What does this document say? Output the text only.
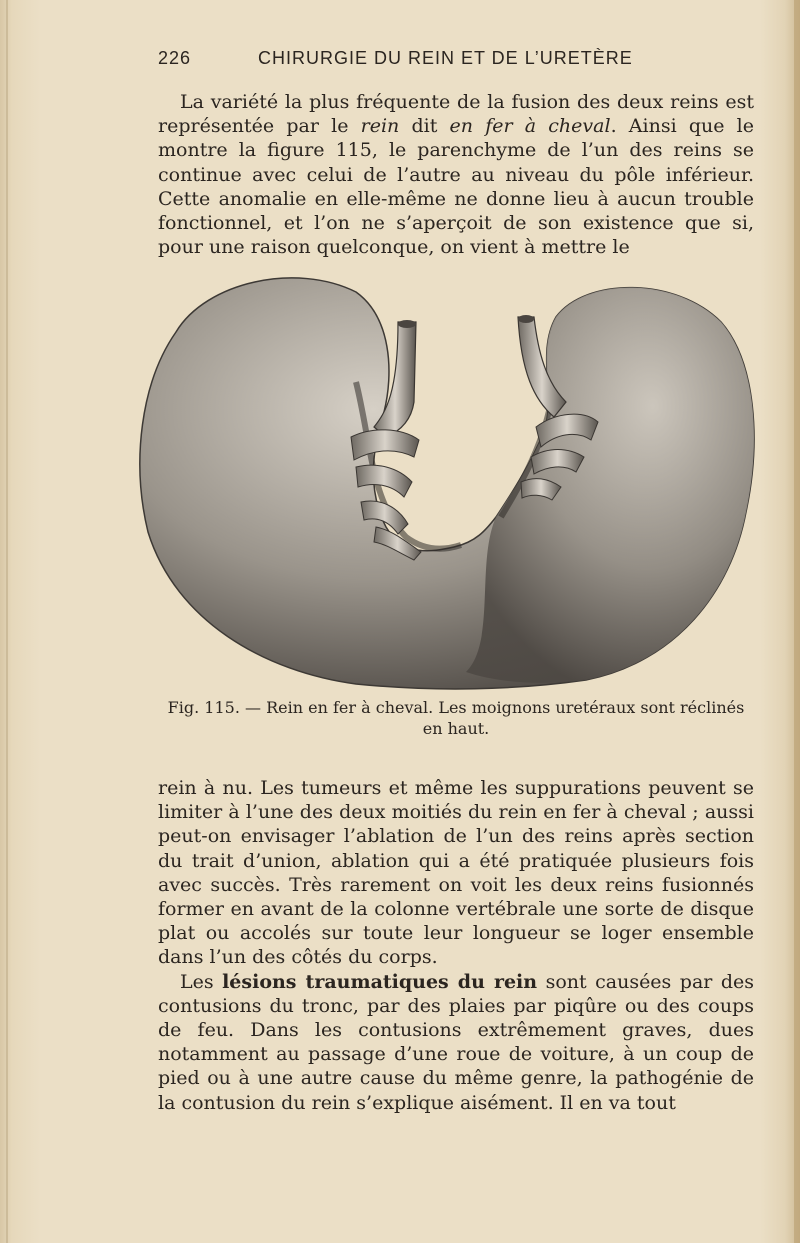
226	CHIRURGIE DU REIN ET DE L’URETÈRE

La variété la plus fréquente de la fusion des deux reins est représentée par le rein dit en fer à cheval. Ainsi que le montre la figure 115, le parenchyme de l’un des reins se continue avec celui de l’autre au niveau du pôle inférieur. Cette anomalie en elle-même ne donne lieu à aucun trouble fonctionnel, et l’on ne s’aperçoit de son existence que si, pour une raison quelconque, on vient à mettre le

Fig. 115. — Rein en fer à cheval. Les moignons uretéraux sont réclinés en haut.

rein à nu. Les tumeurs et même les suppurations peuvent se limiter à l’une des deux moitiés du rein en fer à cheval ; aussi peut-on envisager l’ablation de l’un des reins après section du trait d’union, ablation qui a été pratiquée plusieurs fois avec succès. Très rarement on voit les deux reins fusionnés former en avant de la colonne vertébrale une sorte de disque plat ou accolés sur toute leur longueur se loger ensemble dans l’un des côtés du corps.

Les lésions traumatiques du rein sont causées par des contusions du tronc, par des plaies par piqûre ou des coups de feu. Dans les contusions extrêmement graves, dues notamment au passage d’une roue de voiture, à un coup de pied ou à une autre cause du même genre, la pathogénie de la contusion du rein s’explique aisément. Il en va tout
